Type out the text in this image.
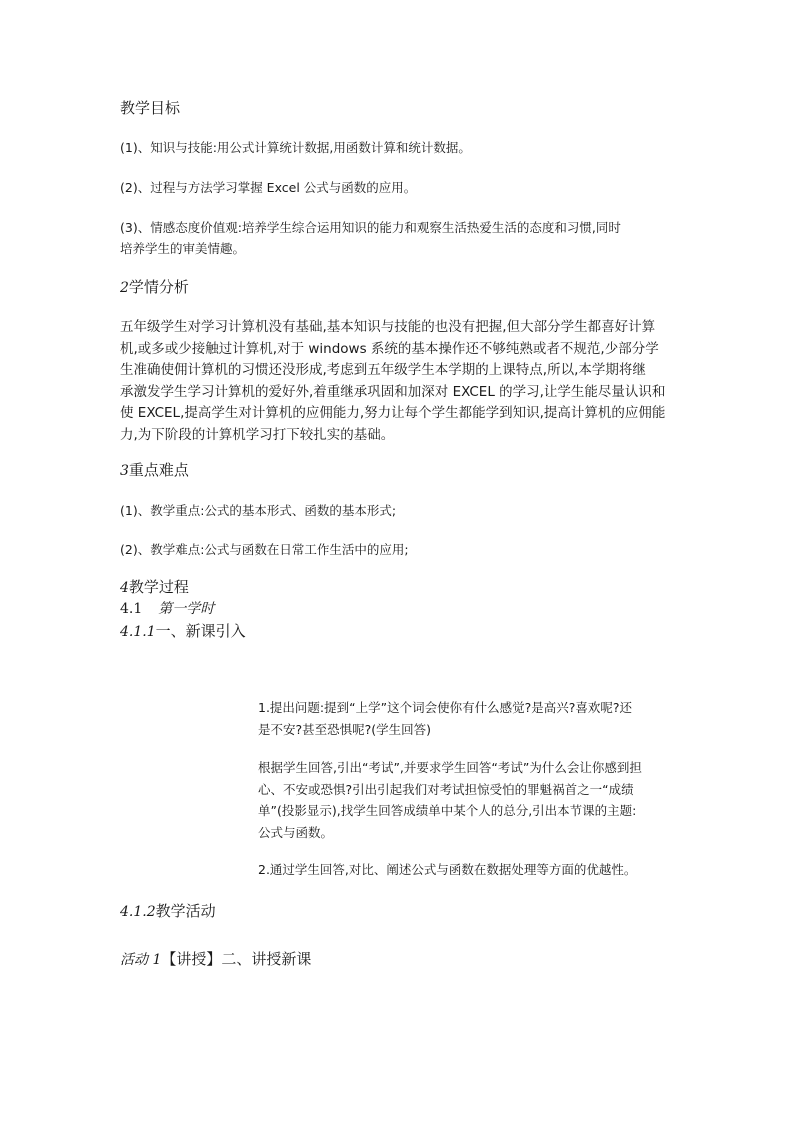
教学目标
(1)、知识与技能:用公式计算统计数据,用函数计算和统计数据。
(2)、过程与方法学习掌握 Excel 公式与函数的应用。
(3)、情感态度价值观:培养学生综合运用知识的能力和观察生活热爱生活的态度和习惯,同时
培养学生的审美情趣。
2学情分析
五年级学生对学习计算机没有基础,基本知识与技能的也没有把握,但大部分学生都喜好计算
机,或多或少接触过计算机,对于 windows 系统的基本操作还不够纯熟或者不规范,少部分学
生准确使佣计算机的习惯还没形成,考虑到五年级学生本学期的上课特点,所以,本学期将继
承激发学生学习计算机的爱好外,着重继承巩固和加深对 EXCEL 的学习,让学生能尽量认识和
使 EXCEL,提高学生对计算机的应佣能力,努力让每个学生都能学到知识,提高计算机的应佣能
力,为下阶段的计算机学习打下较扎实的基础。
3重点难点
(1)、教学重点:公式的基本形式、函数的基本形式;
(2)、教学难点:公式与函数在日常工作生活中的应用;
4教学过程
4.1 第一学时
4.1.1一、新课引入
1.提出问题:提到“上学”这个词会使你有什么感觉?是高兴?喜欢呢?还
是不安?甚至恐惧呢?(学生回答)
根据学生回答,引出“考试”,并要求学生回答“考试”为什么会让你感到担
心、不安或恐惧?引出引起我们对考试担惊受怕的罪魁祸首之一“成绩
单”(投影显示),找学生回答成绩单中某个人的总分,引出本节课的主题:
公式与函数。
2.通过学生回答,对比、阐述公式与函数在数据处理等方面的优越性。
4.1.2教学活动
活动 1【讲授】二、讲授新课
